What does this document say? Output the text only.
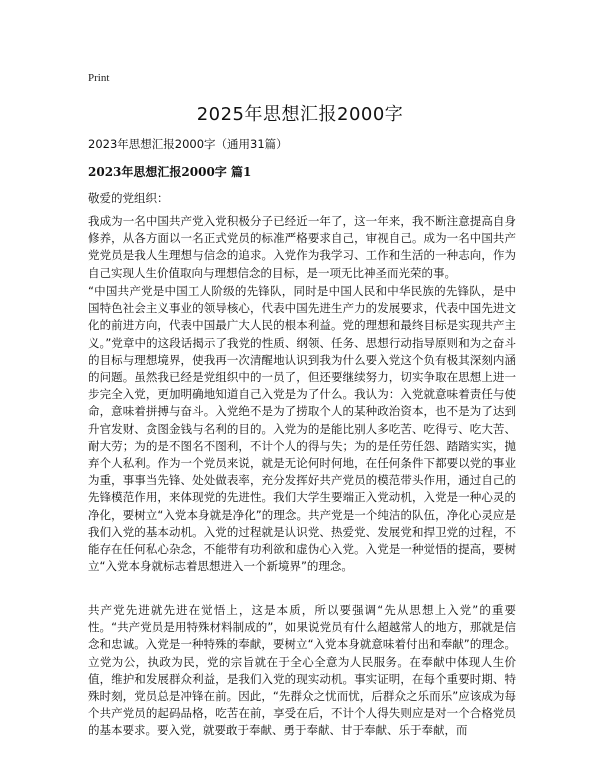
Print
2025年思想汇报2000字
2023年思想汇报2000字（通用31篇）
2023年思想汇报2000字 篇1
敬爱的党组织：

我成为一名中国共产党入党积极分子已经近一年了，这一年来，我不断注意提高自身修养，从各方面以一名正式党员的标准严格要求自己，审视自己。成为一名中国共产党党员是我人生理想与信念的追求。入党作为我学习、工作和生活的一种志向，作为自己实现人生价值取向与理想信念的目标，是一项无比神圣而光荣的事。

“中国共产党是中国工人阶级的先锋队，同时是中国人民和中华民族的先锋队，是中国特色社会主义事业的领导核心，代表中国先进生产力的发展要求，代表中国先进文化的前进方向，代表中国最广大人民的根本利益。党的理想和最终目标是实现共产主义。”党章中的这段话揭示了我党的性质、纲领、任务、思想行动指导原则和为之奋斗的目标与理想境界，使我再一次清醒地认识到我为什么要入党这个负有极其深刻内涵的问题。虽然我已经是党组织中的一员了，但还要继续努力，切实争取在思想上进一步完全入党，更加明确地知道自己入党是为了什么。我认为：入党就意味着责任与使命，意味着拼搏与奋斗。入党绝不是为了捞取个人的某种政治资本，也不是为了达到升官发财、贪图金钱与名利的目的。入党为的是能比别人多吃苦、吃得亏、吃大苦、耐大劳；为的是不图名不图利，不计个人的得与失；为的是任劳任怨、踏踏实实，抛弃个人私利。作为一个党员来说，就是无论何时何地，在任何条件下都要以党的事业为重，事事当先锋、处处做表率，充分发挥好共产党员的模范带头作用，通过自己的先锋模范作用，来体现党的先进性。我们大学生要端正入党动机，入党是一种心灵的净化，要树立“入党本身就是净化”的理念。共产党是一个纯洁的队伍，净化心灵应是我们入党的基本动机。入党的过程就是认识党、热爱党、发展党和捍卫党的过程，不能存在任何私心杂念，不能带有功利欲和虚伪心入党。入党是一种觉悟的提高，要树立“入党本身就标志着思想进入一个新境界”的理念。

共产党先进就先进在觉悟上，这是本质，所以要强调“先从思想上入党”的重要性。“共产党员是用特殊材料制成的”，如果说党员有什么超越常人的地方，那就是信念和忠诚。入党是一种特殊的奉献，要树立“入党本身就意味着付出和奉献”的理念。立党为公，执政为民，党的宗旨就在于全心全意为人民服务。在奉献中体现人生价值，维护和发展群众利益，是我们入党的现实动机。事实证明，在每个重要时期、特殊时刻，党员总是冲锋在前。因此，“先群众之忧而忧，后群众之乐而乐”应该成为每个共产党员的起码品格，吃苦在前，享受在后，不计个人得失则应是对一个合格党员的基本要求。要入党，就要敢于奉献、勇于奉献、甘于奉献、乐于奉献，而
